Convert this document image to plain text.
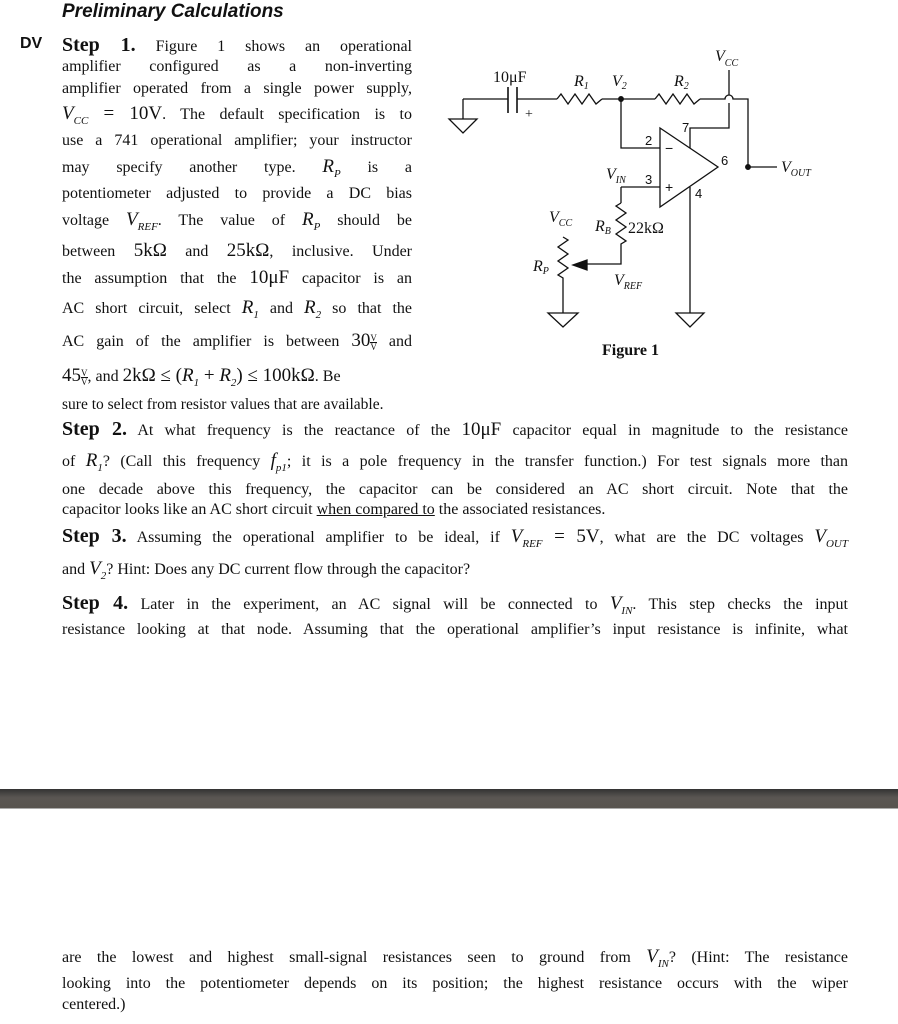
Preliminary Calculations
DV Step 1. Figure 1 shows an operational
amplifier configured as a non-inverting
amplifier operated from a single power supply,
$V_{CC} = 10V$. The default specification is to
use a 741 operational amplifier; your instructor
may specify another type. $R_P$ is a
potentiometer adjusted to provide a DC bias
voltage $V_{REF}$. The value of $R_P$ should be
between 5kΩ and 25kΩ, inclusive. Under
the assumption that the 10μF capacitor is an
AC short circuit, select $R_1$ and $R_2$ so that the
AC gain of the amplifier is between $30 \frac{V}{V}$ and
$45 \frac{V}{V}$ , and $2k\Omega \le (R_1 + R_2) \le 100k\Omega$. Be
sure to select from resistor values that are available.
Step 2. At what frequency is the reactance of the 10μF capacitor equal in magnitude to the resistance
of $R_1$? (Call this frequency $f_{p1}$; it is a pole frequency in the transfer function.) For test signals more than
one decade above this frequency, the capacitor can be considered an AC short circuit. Note that the
capacitor looks like an AC short circuit when compared to the associated resistances.
Step 3. Assuming the operational amplifier to be ideal, if $V_{REF} = 5V$, what are the DC voltages $V_{OUT}$
and $V_2$? Hint: Does any DC current flow through the capacitor?
Step 4. Later in the experiment, an AC signal will be connected to $V_{IN}$. This step checks the input
resistance looking at that node. Assuming that the operational amplifier’s input resistance is infinite, what
are the lowest and highest small-signal resistances seen to ground from $V_{IN}$? (Hint: The resistance
looking into the potentiometer depends on its position; the highest resistance occurs with the wiper
centered.)
10μF
+
R1 V2	R2
$V_{CC}$
$V_{OUT}$
$V_{IN}$
RB 22kΩ
$V_{CC}$
RP
$V_{REF}$
2
3
4
6
7
−
+
Figure 1
